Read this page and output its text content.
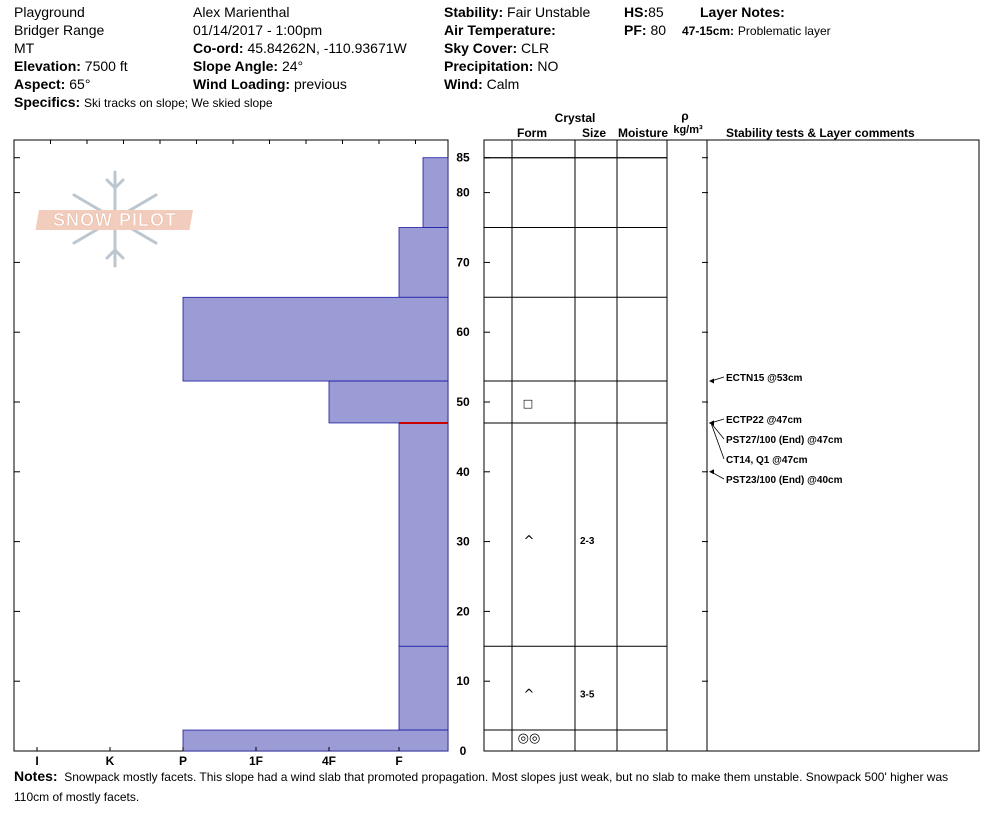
Playground
Bridger Range
MT
Elevation: 7500 ft
Aspect: 65°
Specifics: Ski tracks on slope; We skied slope
Alex Marienthal
01/14/2017 - 1:00pm
Co-ord: 45.84262N, -110.93671W
Slope Angle: 24°
Wind Loading: previous
Stability: Fair Unstable
Air Temperature:
Sky Cover: CLR
Precipitation: NO
Wind: Calm
HS:85
PF: 80
Layer Notes:
47-15cm: Problematic layer
Crystal
Form	Size Moisture
ρ
kg/m³	Stability tests & Layer comments
SNOW PILOT
I	K	P	1F	4F	F
0
10
20
30
40
50
60
70
80
85
^	2-3
^	3-5
◎◎
□
ECTN15 @53cm
ECTP22 @47cm
PST27/100 (End) @47cm
CT14, Q1 @47cm
PST23/100 (End) @40cm
Notes: Snowpack mostly facets. This slope had a wind slab that promoted propagation. Most slopes just weak, but no slab to make them unstable. Snowpack 500' higher was 110cm of mostly facets.
